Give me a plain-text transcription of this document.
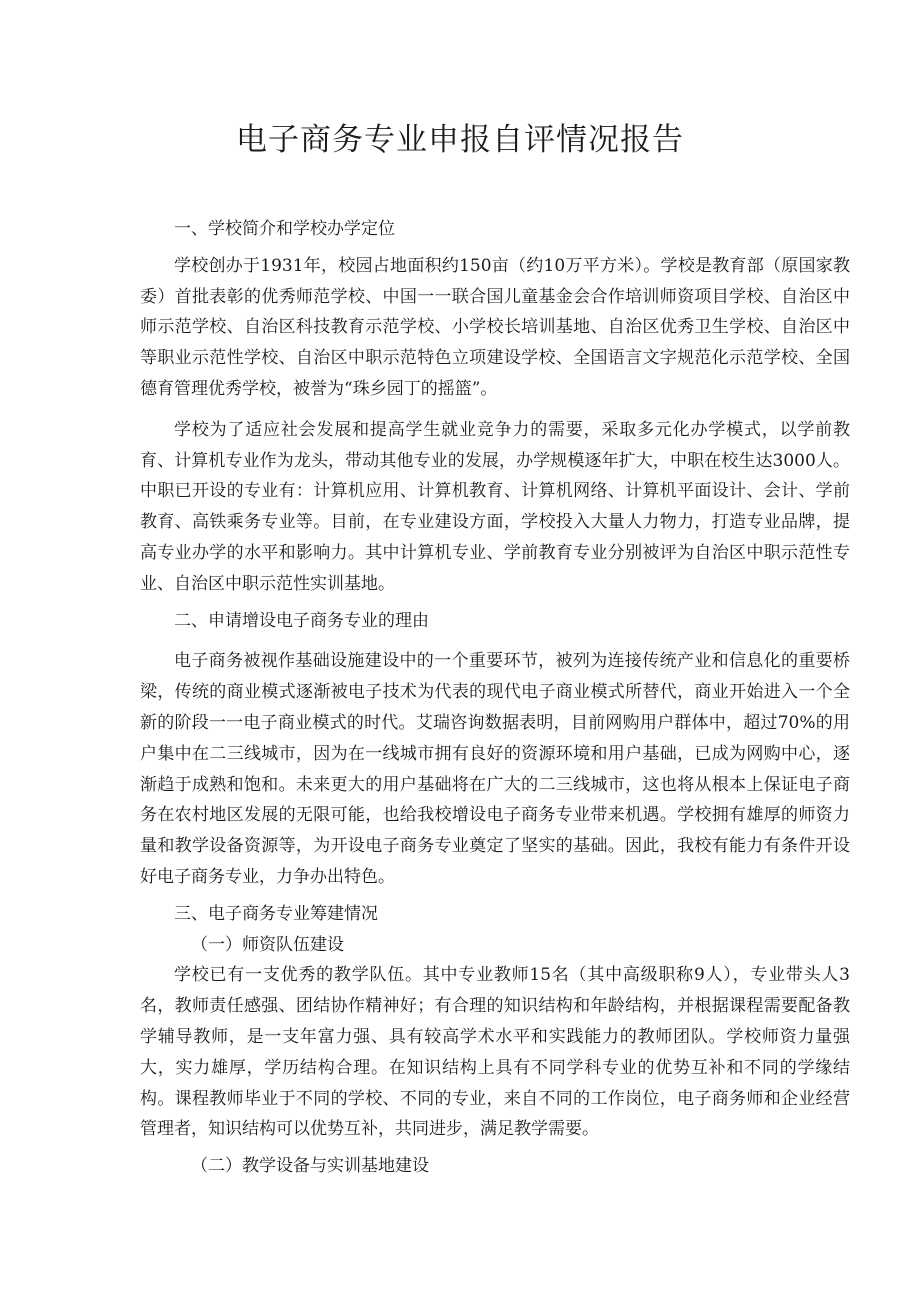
电子商务专业申报自评情况报告
一、学校简介和学校办学定位

学校创办于1931年，校园占地面积约150亩（约10万平方米）。学校是教育部（原国家教委）首批表彰的优秀师范学校、中国一一联合国儿童基金会合作培训师资项目学校、自治区中师示范学校、自治区科技教育示范学校、小学校长培训基地、自治区优秀卫生学校、自治区中等职业示范性学校、自治区中职示范特色立项建设学校、全国语言文字规范化示范学校、全国德育管理优秀学校，被誉为“珠乡园丁的摇篮”。

学校为了适应社会发展和提高学生就业竞争力的需要，采取多元化办学模式，以学前教育、计算机专业作为龙头，带动其他专业的发展，办学规模逐年扩大，中职在校生达3000人。中职已开设的专业有：计算机应用、计算机教育、计算机网络、计算机平面设计、会计、学前教育、高铁乘务专业等。目前，在专业建设方面，学校投入大量人力物力，打造专业品牌，提高专业办学的水平和影响力。其中计算机专业、学前教育专业分别被评为自治区中职示范性专业、自治区中职示范性实训基地。

二、申请增设电子商务专业的理由

电子商务被视作基础设施建设中的一个重要环节，被列为连接传统产业和信息化的重要桥梁，传统的商业模式逐渐被电子技术为代表的现代电子商业模式所替代，商业开始进入一个全新的阶段一一电子商业模式的时代。艾瑞咨询数据表明，目前网购用户群体中，超过70%的用户集中在二三线城市，因为在一线城市拥有良好的资源环境和用户基础，已成为网购中心，逐渐趋于成熟和饱和。未来更大的用户基础将在广大的二三线城市，这也将从根本上保证电子商务在农村地区发展的无限可能，也给我校增设电子商务专业带来机遇。学校拥有雄厚的师资力量和教学设备资源等，为开设电子商务专业奠定了坚实的基础。因此，我校有能力有条件开设好电子商务专业，力争办出特色。

三、电子商务专业筹建情况
（一）师资队伍建设

学校已有一支优秀的教学队伍。其中专业教师15名（其中高级职称9人），专业带头人3名，教师责任感强、团结协作精神好；有合理的知识结构和年龄结构，并根据课程需要配备教学辅导教师，是一支年富力强、具有较高学术水平和实践能力的教师团队。学校师资力量强大，实力雄厚，学历结构合理。在知识结构上具有不同学科专业的优势互补和不同的学缘结构。课程教师毕业于不同的学校、不同的专业，来自不同的工作岗位，电子商务师和企业经营管理者，知识结构可以优势互补，共同进步，满足教学需要。

（二）教学设备与实训基地建设
